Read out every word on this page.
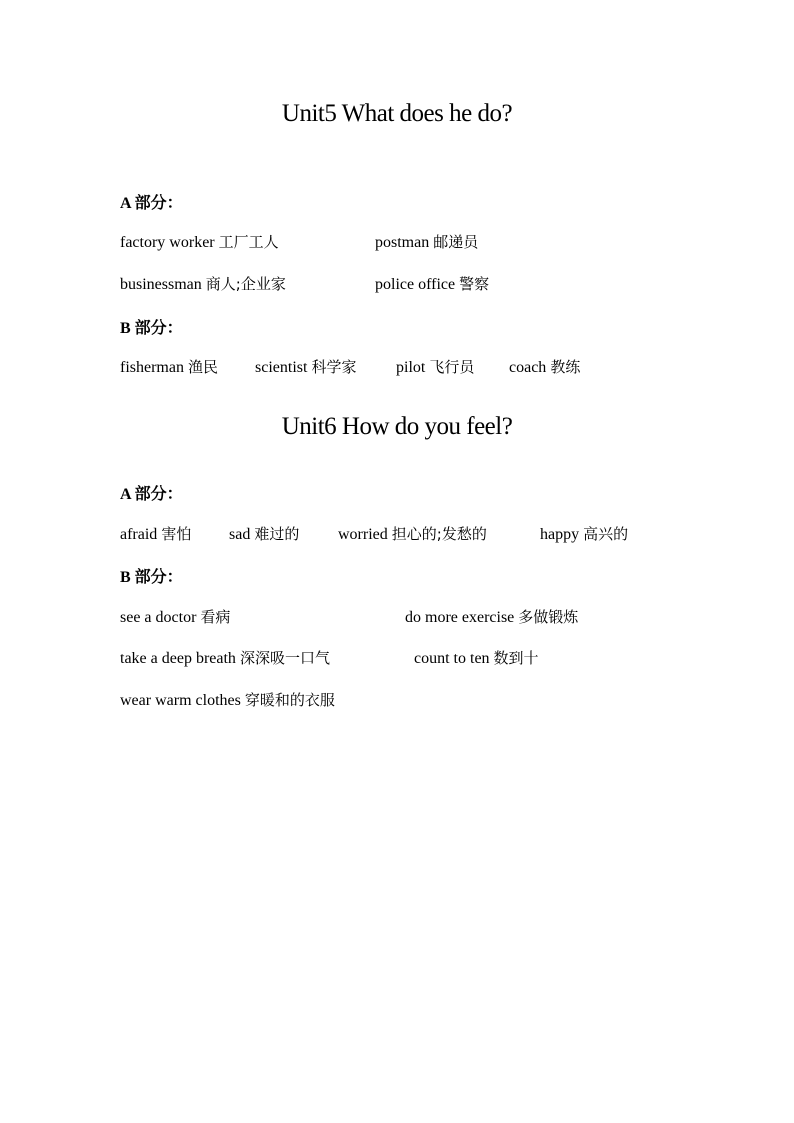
Unit5 What does he do?
A 部分：
factory worker 工厂工人	postman 邮递员
businessman 商人;企业家	police office 警察
B 部分：
fisherman 渔民 scientist 科学家 pilot 飞行员 coach 教练
Unit6 How do you feel?
A 部分：
afraid 害怕 sad 难过的 worried 担心的;发愁的	happy 高兴的
B 部分：
see a doctor 看病	do more exercise 多做锻炼
take a deep breath 深深吸一口气	count to ten 数到十
wear warm clothes 穿暖和的衣服
